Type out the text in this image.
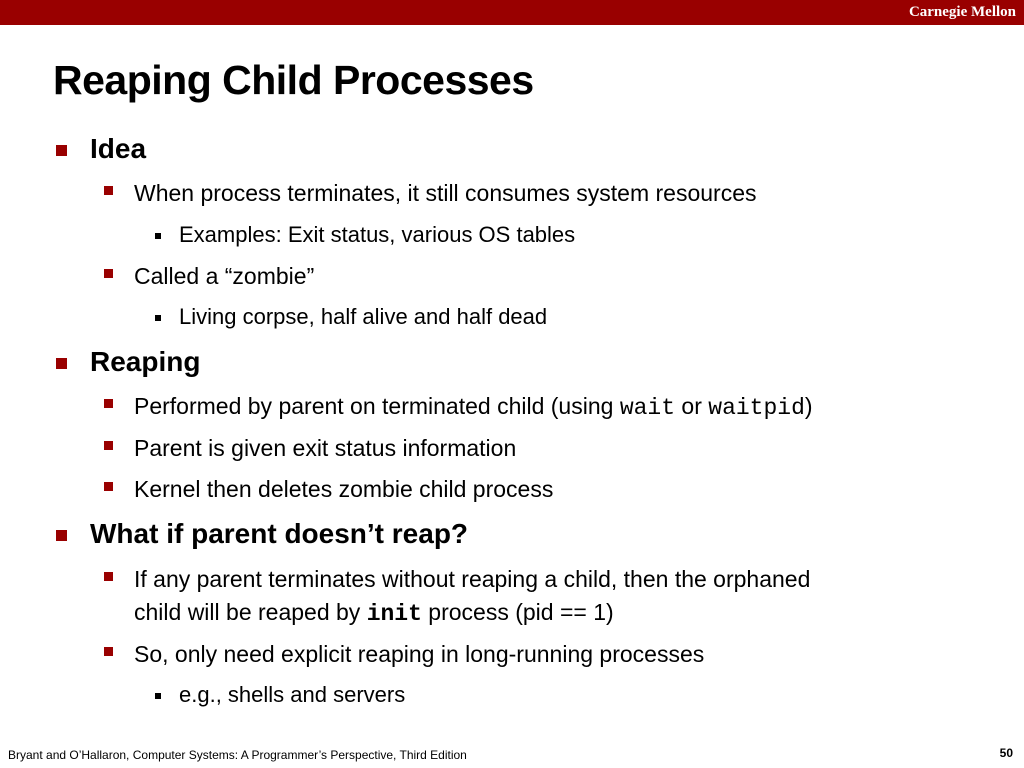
Carnegie Mellon
Reaping Child Processes
Idea
When process terminates, it still consumes system resources
Examples: Exit status, various OS tables
Called a “zombie”
Living corpse, half alive and half dead
Reaping
Performed by parent on terminated child (using wait or waitpid)
Parent is given exit status information
Kernel then deletes zombie child process
What if parent doesn’t reap?
If any parent terminates without reaping a child, then the orphaned
child will be reaped by init process (pid == 1)
So, only need explicit reaping in long-running processes
e.g., shells and servers
Bryant and O’Hallaron, Computer Systems: A Programmer’s Perspective, Third Edition	50
